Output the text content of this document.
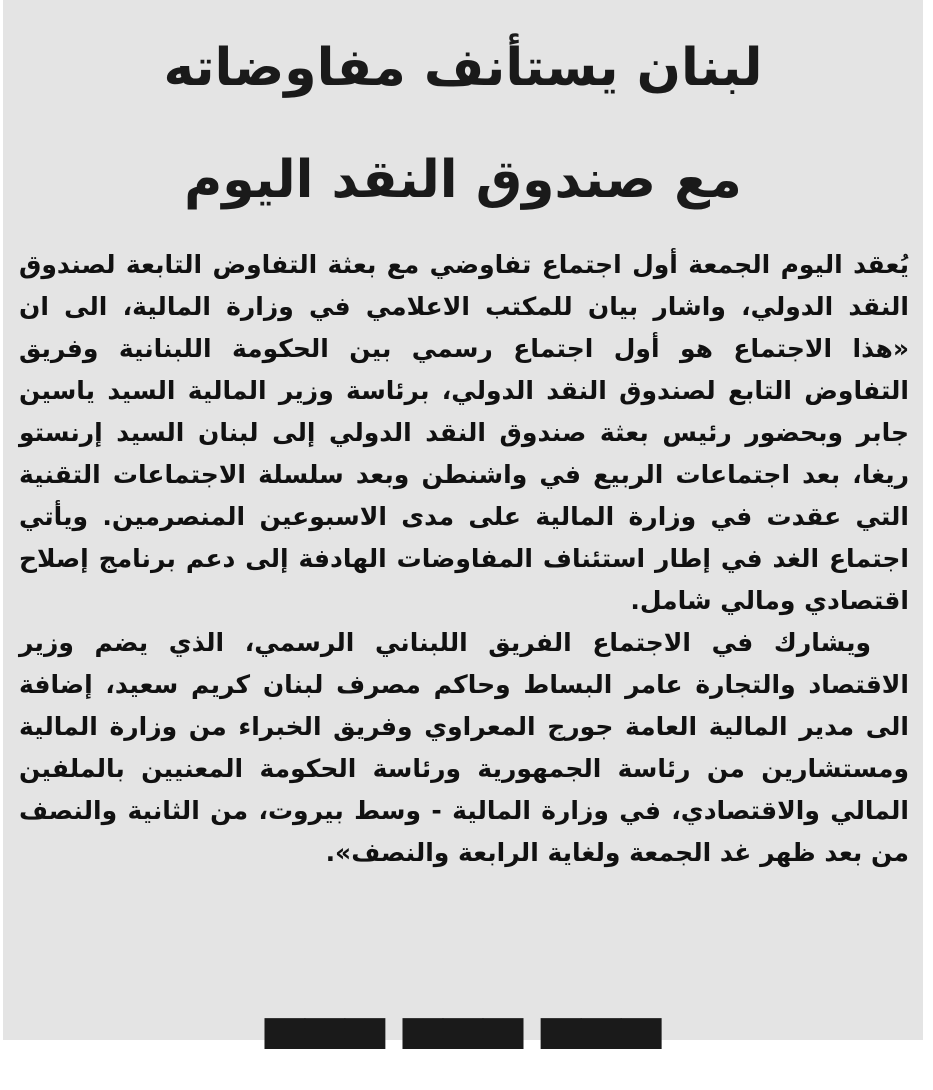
لبنان يستأنف مفاوضاته
مع صندوق النقد اليوم

يُعقد اليوم الجمعة أول اجتماع تفاوضي مع بعثة التفاوض التابعة لصندوق النقد الدولي، واشار بيان للمكتب الاعلامي في وزارة المالية، الى ان «هذا الاجتماع هو أول اجتماع رسمي بين الحكومة اللبنانية وفريق التفاوض التابع لصندوق النقد الدولي، برئاسة وزير المالية السيد ياسين جابر وبحضور رئيس بعثة صندوق النقد الدولي إلى لبنان السيد إرنستو ريغا، بعد اجتماعات الربيع في واشنطن وبعد سلسلة الاجتماعات التقنية التي عقدت في وزارة المالية على مدى الاسبوعين المنصرمين. ويأتي اجتماع الغد في إطار استئناف المفاوضات الهادفة إلى دعم برنامج إصلاح اقتصادي ومالي شامل.

ويشارك في الاجتماع الفريق اللبناني الرسمي، الذي يضم وزير الاقتصاد والتجارة عامر البساط وحاكم مصرف لبنان كريم سعيد، إضافة الى مدير المالية العامة جورج المعراوي وفريق الخبراء من وزارة المالية ومستشارين من رئاسة الجمهورية ورئاسة الحكومة المعنيين بالملفين المالي والاقتصادي، في وزارة المالية - وسط بيروت، من الثانية والنصف من بعد ظهر غد الجمعة ولغاية الرابعة والنصف».

▀▀▀ ▀▀▀ ▀▀▀
